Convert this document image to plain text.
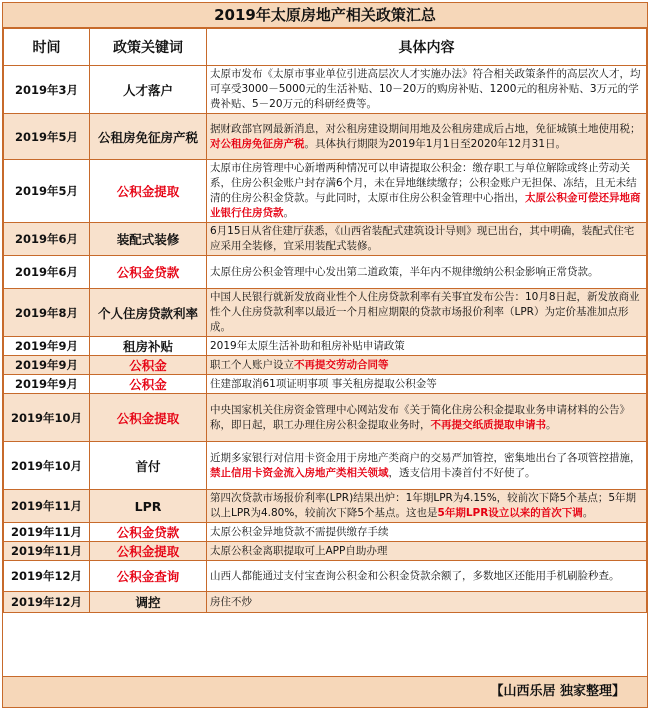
2019年太原房地产相关政策汇总
时间	政策关键词	具体内容
2019年3月	人才落户	太原市发布《太原市事业单位引进高层次人才实施办法》符合相关政策条件的高层次人才，均可享受3000－5000元的生活补贴、10－20万的购房补贴、1200元的租房补贴、3万元的学费补贴、5－20万元的科研经费等。
2019年5月	公租房免征房产税	据财政部官网最新消息，对公租房建设期间用地及公租房建成后占地，免征城镇土地使用税；对公租房免征房产税。具体执行期限为2019年1月1日至2020年12月31日。
2019年5月	公积金提取	太原市住房管理中心新增两种情况可以申请提取公积金：缴存职工与单位解除或终止劳动关系，住房公积金账户封存满6个月，未在异地继续缴存；公积金账户无担保、冻结，且无未结清的住房公积金贷款。与此同时，太原市住房公积金管理中心指出，太原公积金可偿还异地商业银行住房贷款。
2019年6月	装配式装修	6月15日从省住建厅获悉，《山西省装配式建筑设计导则》现已出台，其中明确，装配式住宅应采用全装修，宜采用装配式装修。
2019年6月	公积金贷款	太原住房公积金管理中心发出第二道政策，半年内不规律缴纳公积金影响正常贷款。
2019年8月	个人住房贷款利率	中国人民银行就新发放商业性个人住房贷款利率有关事宜发布公告：10月8日起，新发放商业性个人住房贷款利率以最近一个月相应期限的贷款市场报价利率（LPR）为定价基准加点形成。
2019年9月	租房补贴	2019年太原生活补助和租房补贴申请政策
2019年9月	公积金	职工个人账户设立不再提交劳动合同等
2019年9月	公积金	住建部取消61项证明事项 事关租房提取公积金等
2019年10月	公积金提取	中央国家机关住房资金管理中心网站发布《关于简化住房公积金提取业务申请材料的公告》称，即日起，职工办理住房公积金提取业务时，不再提交纸质提取申请书。
2019年10月	首付	近期多家银行对信用卡资金用于房地产类商户的交易严加管控，密集地出台了各项管控措施，禁止信用卡资金流入房地产类相关领域，透支信用卡凑首付不好使了。
2019年11月	LPR	第四次贷款市场报价利率(LPR)结果出炉：1年期LPR为4.15%，较前次下降5个基点；5年期以上LPR为4.80%，较前次下降5个基点。这也是5年期LPR设立以来的首次下调。
2019年11月	公积金贷款	太原公积金异地贷款不需提供缴存手续
2019年11月	公积金提取	太原公积金离职提取可上APP自助办理
2019年12月	公积金查询	山西人都能通过支付宝查询公积金和公积金贷款余额了，多数地区还能用手机刷脸秒查。
2019年12月	调控	房住不炒
【山西乐居 独家整理】
